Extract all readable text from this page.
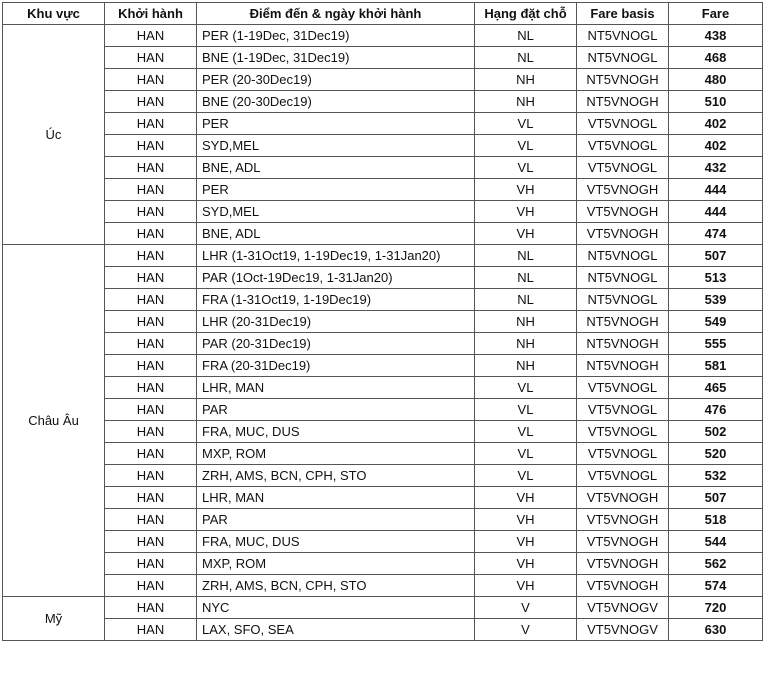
Khu vực	Khởi hành	Điểm đến & ngày khởi hành	Hạng đặt chỗ	Fare basis	Fare
Úc	HAN	PER (1-19Dec, 31Dec19)	NL	NT5VNOGL	438
	HAN	BNE (1-19Dec, 31Dec19)	NL	NT5VNOGL	468
	HAN	PER (20-30Dec19)	NH	NT5VNOGH	480
	HAN	BNE (20-30Dec19)	NH	NT5VNOGH	510
	HAN	PER	VL	VT5VNOGL	402
	HAN	SYD,MEL	VL	VT5VNOGL	402
	HAN	BNE, ADL	VL	VT5VNOGL	432
	HAN	PER	VH	VT5VNOGH	444
	HAN	SYD,MEL	VH	VT5VNOGH	444
	HAN	BNE, ADL	VH	VT5VNOGH	474
Châu Âu	HAN	LHR (1-31Oct19, 1-19Dec19, 1-31Jan20)	NL	NT5VNOGL	507
	HAN	PAR (1Oct-19Dec19, 1-31Jan20)	NL	NT5VNOGL	513
	HAN	FRA (1-31Oct19, 1-19Dec19)	NL	NT5VNOGL	539
	HAN	LHR (20-31Dec19)	NH	NT5VNOGH	549
	HAN	PAR (20-31Dec19)	NH	NT5VNOGH	555
	HAN	FRA (20-31Dec19)	NH	NT5VNOGH	581
	HAN	LHR, MAN	VL	VT5VNOGL	465
	HAN	PAR	VL	VT5VNOGL	476
	HAN	FRA, MUC, DUS	VL	VT5VNOGL	502
	HAN	MXP, ROM	VL	VT5VNOGL	520
	HAN	ZRH, AMS, BCN, CPH, STO	VL	VT5VNOGL	532
	HAN	LHR, MAN	VH	VT5VNOGH	507
	HAN	PAR	VH	VT5VNOGH	518
	HAN	FRA, MUC, DUS	VH	VT5VNOGH	544
	HAN	MXP, ROM	VH	VT5VNOGH	562
	HAN	ZRH, AMS, BCN, CPH, STO	VH	VT5VNOGH	574
Mỹ	HAN	NYC	V	VT5VNOGV	720
	HAN	LAX, SFO, SEA	V	VT5VNOGV	630
